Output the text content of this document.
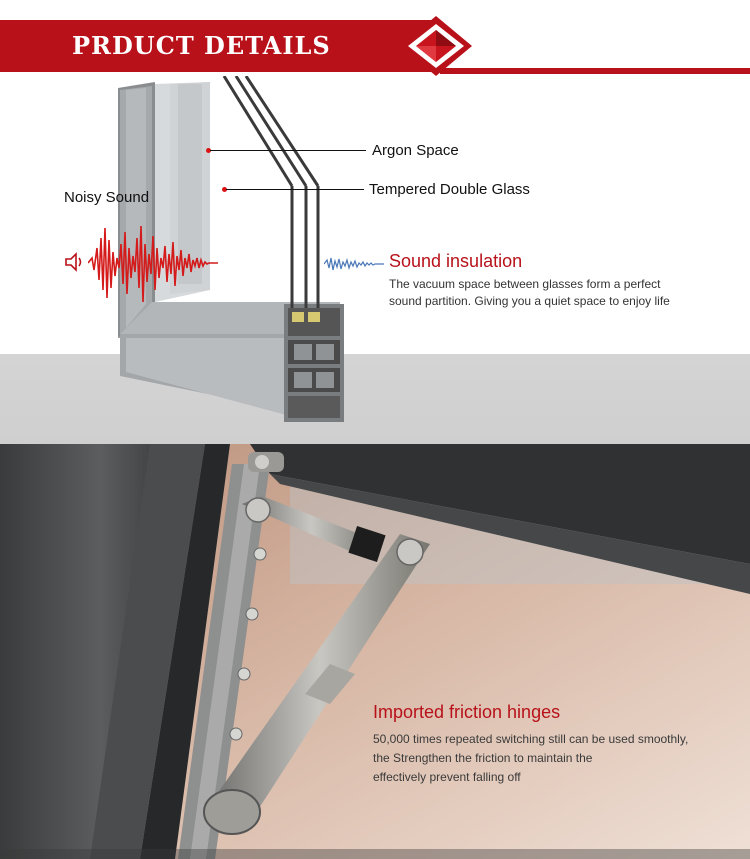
PRDUCT DETAILS
Argon Space
Tempered Double Glass
Noisy Sound
Sound insulation
The vacuum space between glasses form a perfect
sound partition. Giving you a quiet space to enjoy life
Imported friction hinges
50,000 times repeated switching still can be used smoothly,
the Strengthen the friction to maintain the
effectively prevent falling off
